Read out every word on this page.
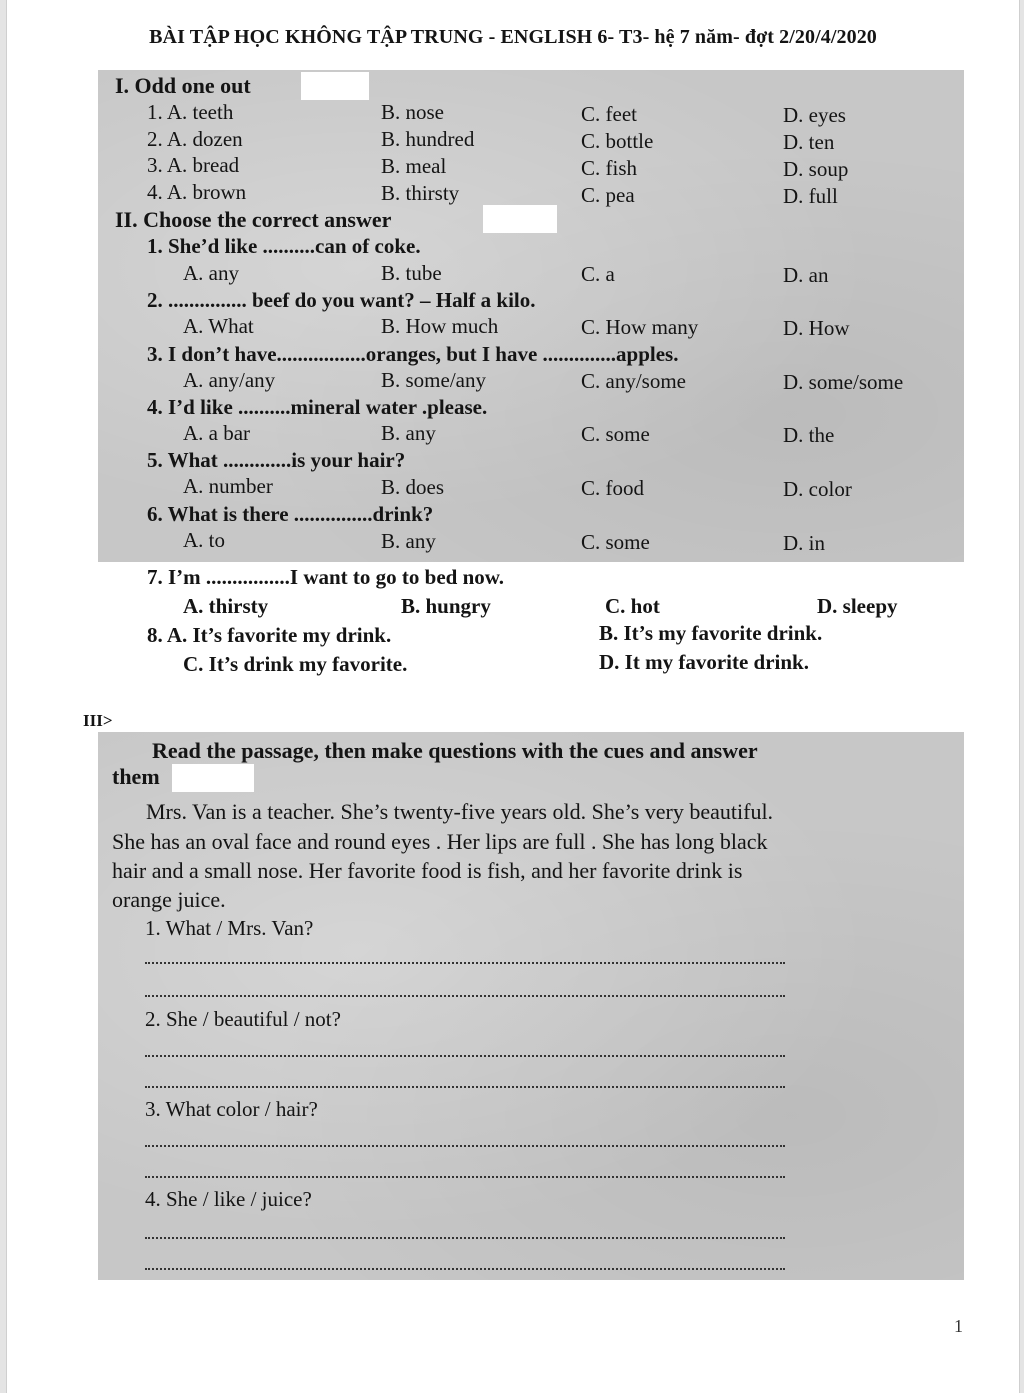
BÀI TẬP HỌC KHÔNG TẬP TRUNG - ENGLISH 6- T3- hệ 7 năm- đợt 2/20/4/2020
I. Odd one out
1. A. teeth	B. nose	C. feet	D. eyes
2. A. dozen	B. hundred	C. bottle	D. ten
3. A. bread	B. meal	C. fish	D. soup
4. A. brown	B. thirsty	C. pea	D. full
II. Choose the correct answer
1. She’d like ..........can of coke.
A. any	B. tube	C. a	D. an
2. ............... beef do you want? – Half a kilo.
A. What	B. How much	C. How many	D. How
3. I don’t have.................oranges, but I have ..............apples.
A. any/any	B. some/any	C. any/some	D. some/some
4. I’d like ..........mineral water .please.
A. a bar	B. any	C. some	D. the
5. What .............is your hair?
A. number	B. does	C. food	D. color
6. What is there ...............drink?
A. to	B. any	C. some	D. in
7. I’m ................I want to go to bed now.
A. thirsty	B. hungry	C. hot	D. sleepy
8. A. It’s favorite my drink.	B. It’s my favorite drink.
C. It’s drink my favorite.	D. It my favorite drink.
III>
Read the passage, then make questions with the cues and answer
them
Mrs. Van is a teacher. She’s twenty-five years old. She’s very beautiful.
She has an oval face and round eyes . Her lips are full . She has long black
hair and a small nose. Her favorite food is fish, and her favorite drink is
orange juice.
1. What / Mrs. Van?
2. She / beautiful / not?
3. What color / hair?
4. She / like / juice?
1
